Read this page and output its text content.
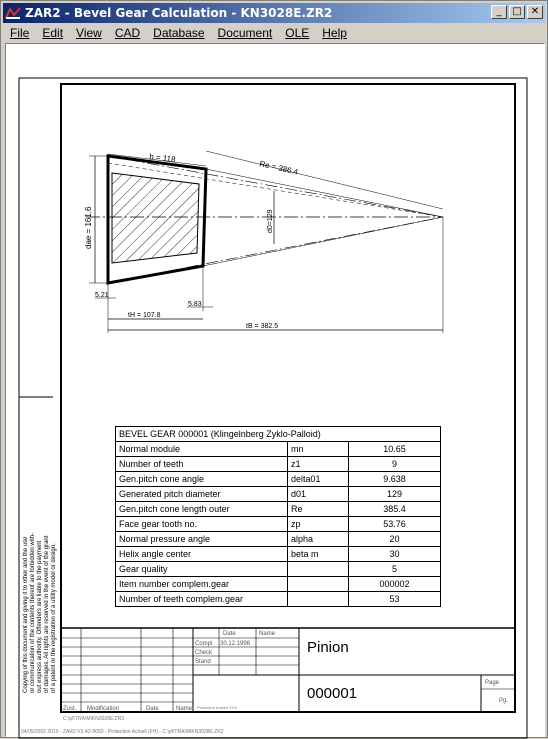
ZAR2 - Bevel Gear Calculation - KN3028E.ZR2	_	□ ✕
File	Edit	View	CAD	Database	Document	OLE	Help
b = 118
Re = 386.4
dae = 161.6	d0=129
5.21
5.83
tH = 107.8
tB = 382.5
Date	Name
Compl 30.12.1996
Check
Stand
Pinion
000001
Page
Pg.
Zust. Modification	Date	Name Protection Actuell XXX
C:\pf\TRA\MIKN3028E.ZR2
04/05/2002 2010 - ZAR2 V3.4D 8050 - Protection Actuell (FH) - C:\pf\TRA\MIKN3028E.ZR2
Copying of this document and giving it to other and the use or communication of the contents thereof are forbidden with- out express authority. Offenders are liable to the payment of damages. All rights are reserved in the event of the grant of a patent or the registration of a utility model or design.
BEVEL GEAR 000001 (Klingelnberg Zyklo-Palloid)		
Normal module	mn	10.65
Number of teeth	z1	9
Gen.pitch cone angle	delta01	9.638
Generated pitch diameter	d01	129
Gen.pitch cone length outer	Re	385.4
Face gear tooth no.	zp	53.76
Normal pressure angle	alpha	20
Helix angle center	beta m	30
Gear quality		5
Item number complem.gear		000002
Number of teeth complem.gear		53
